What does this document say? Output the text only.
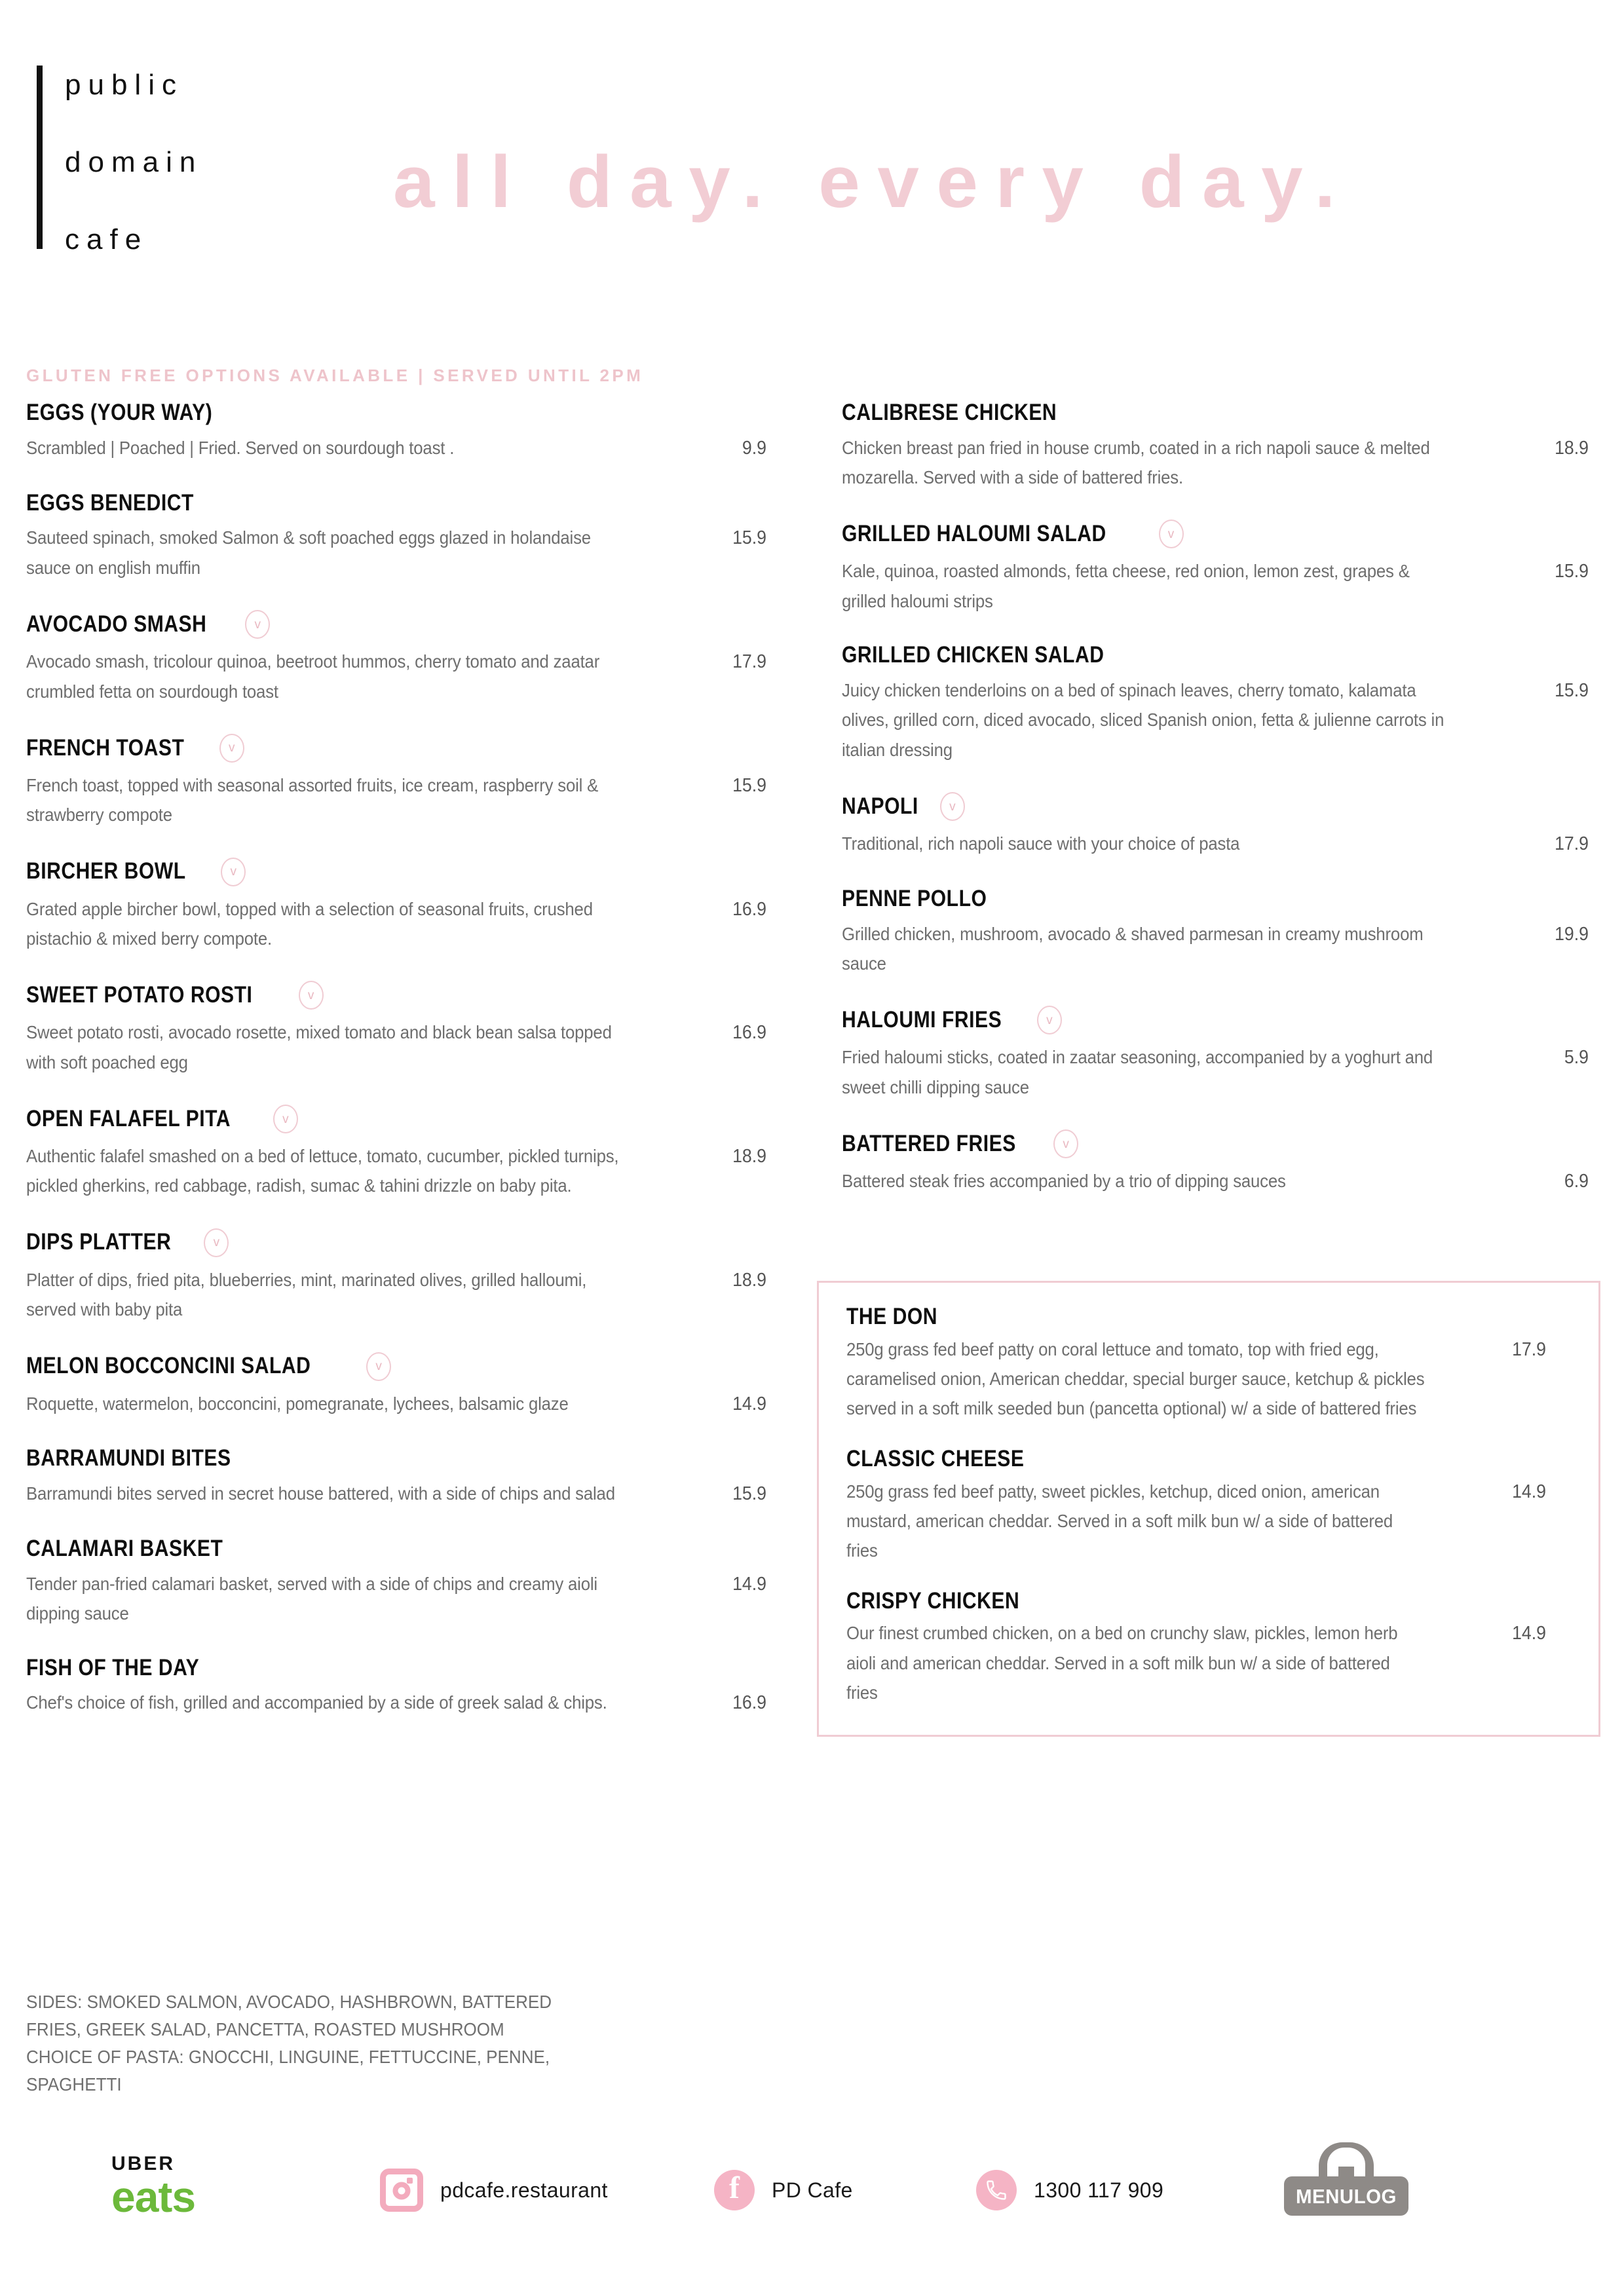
public
domain
cafe
all day. every day.
GLUTEN FREE OPTIONS AVAILABLE | SERVED UNTIL 2PM
EGGS (YOUR WAY)
Scrambled | Poached | Fried. Served on sourdough toast .	9.9
EGGS BENEDICT
Sauteed spinach, smoked Salmon & soft poached eggs glazed in holandaise sauce on english muffin
15.9
AVOCADO SMASH	v
Avocado smash, tricolour quinoa, beetroot hummos, cherry tomato and zaatar crumbled fetta on sourdough toast
17.9
FRENCH TOAST	v
French toast, topped with seasonal assorted fruits, ice cream, raspberry soil & strawberry compote
15.9
BIRCHER BOWL	v
Grated apple bircher bowl, topped with a selection of seasonal fruits, crushed pistachio & mixed berry compote.
16.9
SWEET POTATO ROSTI	v
Sweet potato rosti, avocado rosette, mixed tomato and black bean salsa topped with soft poached egg
16.9
OPEN FALAFEL PITA	v
Authentic falafel smashed on a bed of lettuce, tomato, cucumber, pickled turnips, pickled gherkins, red cabbage, radish, sumac & tahini drizzle on baby pita.
18.9
DIPS PLATTER	v
Platter of dips, fried pita, blueberries, mint, marinated olives, grilled halloumi, served with baby pita
18.9
MELON BOCCONCINI SALAD	v
Roquette, watermelon, bocconcini, pomegranate, lychees, balsamic glaze	14.9
BARRAMUNDI BITES
Barramundi bites served in secret house battered, with a side of chips and salad	15.9
CALAMARI BASKET
Tender pan-fried calamari basket, served with a side of chips and creamy aioli dipping sauce
14.9
FISH OF THE DAY
Chef's choice of fish, grilled and accompanied by a side of greek salad & chips.	16.9
CALIBRESE CHICKEN
Chicken breast pan fried in house crumb, coated in a rich napoli sauce & melted mozarella. Served with a side of battered fries.
18.9
GRILLED HALOUMI SALAD	v
Kale, quinoa, roasted almonds, fetta cheese, red onion, lemon zest, grapes & grilled haloumi strips
15.9
GRILLED CHICKEN SALAD
Juicy chicken tenderloins on a bed of spinach leaves, cherry tomato, kalamata olives, grilled corn, diced avocado, sliced Spanish onion, fetta & julienne carrots in italian dressing
15.9
NAPOLI	v
Traditional, rich napoli sauce with your choice of pasta	17.9
PENNE POLLO
Grilled chicken, mushroom, avocado & shaved parmesan in creamy mushroom sauce
19.9
HALOUMI FRIES	v
Fried haloumi sticks, coated in zaatar seasoning, accompanied by a yoghurt and sweet chilli dipping sauce
5.9
BATTERED FRIES	v
Battered steak fries accompanied by a trio of dipping sauces	6.9
THE DON
250g grass fed beef patty on coral lettuce and tomato, top with fried egg, caramelised onion, American cheddar, special burger sauce, ketchup & pickles served in a soft milk seeded bun (pancetta optional) w/ a side of battered fries
17.9
CLASSIC CHEESE
250g grass fed beef patty, sweet pickles, ketchup, diced onion, american mustard, american cheddar. Served in a soft milk bun w/ a side of battered fries
14.9
CRISPY CHICKEN
Our finest crumbed chicken, on a bed on crunchy slaw, pickles, lemon herb aioli and american cheddar. Served in a soft milk bun w/ a side of battered fries
14.9
SIDES: SMOKED SALMON, AVOCADO, HASHBROWN, BATTERED
FRIES, GREEK SALAD, PANCETTA, ROASTED MUSHROOM
CHOICE OF PASTA: GNOCCHI, LINGUINE, FETTUCCINE, PENNE,
SPAGHETTI
UBER
eats	pdcafe.restaurant	f	PD Cafe	1300 117 909	MENULOG
